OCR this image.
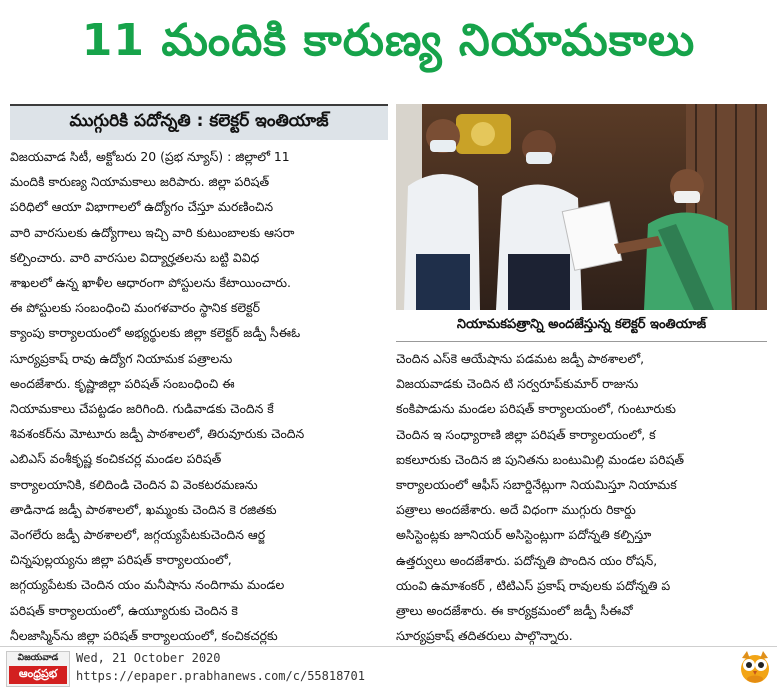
11 మందికి కారుణ్య నియామకాలు
ముగ్గురికి పదోన్నతి : కలెక్టర్ ఇంతియాజ్

విజయవాడ సిటీ, అక్టోబరు 20 (ప్రభ న్యూస్) : జిల్లాలో 11

మందికి కారుణ్య నియామకాలు జరిపారు. జిల్లా పరిషత్

పరిధిలో ఆయా విభాగాలలో ఉద్యోగం చేస్తూ మరణించిన

వారి వారసులకు ఉద్యోగాలు ఇచ్చి వారి కుటుంబాలకు ఆసరా

కల్పించారు. వారి వారసుల విద్యార్హతలను బట్టి వివిధ

శాఖలలో ఉన్న ఖాళీల ఆధారంగా పోస్టులను కేటాయించారు.

ఈ పోస్టులకు సంబంధించి మంగళవారం స్థానిక కలెక్టర్

క్యాంపు కార్యాలయంలో అభ్యర్థులకు జిల్లా కలెక్టర్ జడ్పీ సీఈఓ

సూర్యప్రకాష్ రావు ఉద్యోగ నియామక పత్రాలను

అందజేశారు. కృష్ణాజిల్లా పరిషత్ సంబంధించి ఈ

నియామకాలు చేపట్టడం జరిగింది. గుడివాడకు చెందిన కే

శివశంకర్‌ను మోటూరు జడ్పీ పాఠశాలలో, తిరువూరుకు చెందిన

ఎబిఎస్ వంశీకృష్ణ కంచికచర్ల మండల పరిషత్

కార్యాలయానికి, కలిదిండి చెందిన వి వెంకటరమణను

తాడినాడ జడ్పీ పాఠశాలలో, ఖమ్మంకు చెందిన కె రజితకు

వెంగలేరు జడ్పీ పాఠశాలలో, జగ్గయ్యపేటకుచెందిన ఆర్జ

చిన్నపుల్లయ్యను జిల్లా పరిషత్ కార్యాలయంలో,

జగ్గయ్యపేటకు చెందిన యం మనీషాను నందిగామ మండల

పరిషత్ కార్యాలయంలో, ఉయ్యూరుకు చెందిన కె

నీలజాస్మిన్‌ను జిల్లా పరిషత్ కార్యాలయంలో, కంచికచర్లకు

నియామకపత్రాన్ని అందజేస్తున్న కలెక్టర్ ఇంతియాజ్

చెందిన ఎస్‌కె ఆయేషాను పడమట జడ్పీ పాఠశాలలో,

విజయవాడకు చెందిన టి సర్వరూప్‌కుమార్ రాజును

కంకిపాడును మండల పరిషత్ కార్యాలయంలో, గుంటూరుకు

చెందిన ఇ సంధ్యారాణి జిల్లా పరిషత్ కార్యాలయంలో, క

ఐకలూరుకు చెందిన జి పునితను బంటుమిల్లి మండల పరిషత్

కార్యాలయంలో ఆఫీస్ సబార్డినేట్లుగా నియమిస్తూ నియామక

పత్రాలు అందజేశారు. అదే విధంగా ముగ్గురు రికార్డు

అసిస్టెంట్లకు జూనియర్ అసిస్టెంట్లుగా పదోన్నతి కల్పిస్తూ

ఉత్తర్వులు అందజేశారు. పదోన్నతి పొందిన యం రోషన్,

యంవి ఉమాశంకర్ , టిటిఎస్ ప్రకాష్ రావులకు పదోన్నతి ప

త్రాలు అందజేశారు. ఈ కార్యక్రమంలో జడ్పీ సీఈవో

సూర్యప్రకాష్ తదితరులు పాల్గొన్నారు.

విజయవాడ
ఆంధ్రప్రభ
Wed, 21 October 2020
https://epaper.prabhanews.com/c/55818701
